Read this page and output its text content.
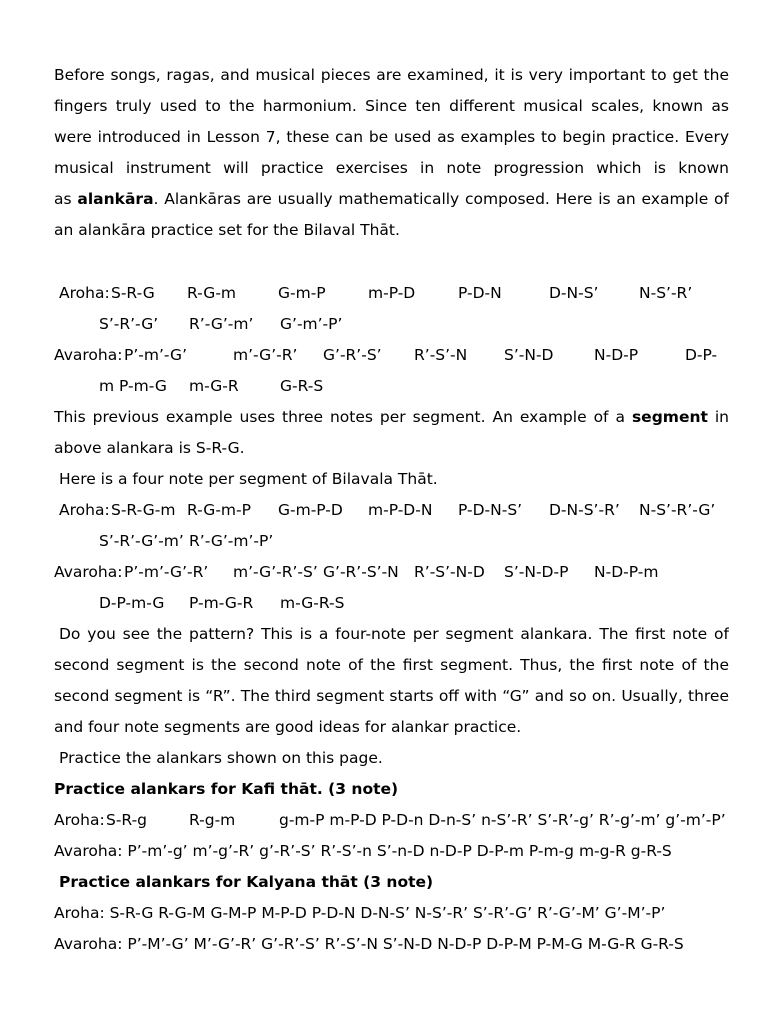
Before songs, ragas, and musical pieces are examined, it is very important to get the
fingers truly used to the harmonium. Since ten different musical scales, known as
were introduced in Lesson 7, these can be used as examples to begin practice. Every
musical instrument will practice exercises in note progression which is known
as alankāra. Alankāras are usually mathematically composed. Here is an example of
an alankāra practice set for the Bilaval Thāt.
Aroha:S-R-G R-G-m	G-m-P	m-P-D	P-D-N	D-N-S’	N-S’-R’
S’-R’-G’ R’-G’-m’ G’-m’-P’
Avaroha: P’-m’-G’	m’-G’-R’ G’-R’-S’ R’-S’-N S’-N-D	N-D-P	D-P-
m P-m-G m-G-R	G-R-S
This previous example uses three notes per segment. An example of a segment in
above alankara is S-R-G.
Here is a four note per segment of Bilavala Thāt.
Aroha:S-R-G-m R-G-m-P G-m-P-D m-P-D-N P-D-N-S’ D-N-S’-R’ N-S’-R’-G’
S’-R’-G’-m’ R’-G’-m’-P’
Avaroha: P’-m’-G’-R’ m’-G’-R’-S’ G’-R’-S’-N R’-S’-N-D S’-N-D-P N-D-P-m
D-P-m-G P-m-G-R m-G-R-S
Do you see the pattern? This is a four-note per segment alankara. The first note of
second segment is the second note of the first segment. Thus, the first note of the
second segment is “R”. The third segment starts off with “G” and so on. Usually, three
and four note segments are good ideas for alankar practice.
Practice the alankars shown on this page.
Practice alankars for Kafi thāt. (3 note)
Aroha:S-R-g	R-g-m	g-m-P m-P-D P-D-n D-n-S’ n-S’-R’ S’-R’-g’ R’-g’-m’ g’-m’-P’
Avaroha: P’-m’-g’ m’-g’-R’ g’-R’-S’ R’-S’-n S’-n-D n-D-P D-P-m P-m-g m-g-R g-R-S
Practice alankars for Kalyana thāt (3 note)
Aroha: S-R-G R-G-M G-M-P M-P-D P-D-N D-N-S’ N-S’-R’ S’-R’-G’ R’-G’-M’ G’-M’-P’
Avaroha: P’-M’-G’ M’-G’-R’ G’-R’-S’ R’-S’-N S’-N-D N-D-P D-P-M P-M-G M-G-R G-R-S
